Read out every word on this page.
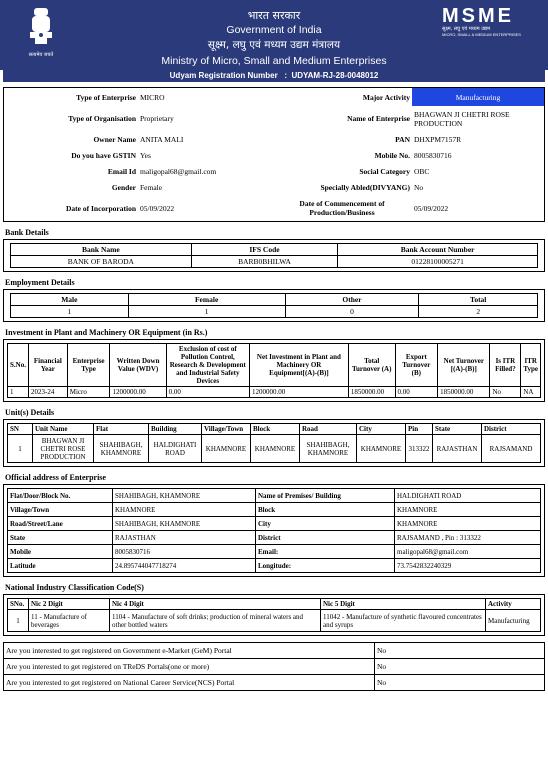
सत्यमेव जयते
भारत सरकार
Government of India
सूक्ष्म, लघु एवं मध्यम उद्यम मंत्रालय
Ministry of Micro, Small and Medium Enterprises
MSME
सूक्ष्म, लघु एवं मध्यम उद्यम
MICRO, SMALL & MEDIUM ENTERPRISES
Udyam Registration Number : UDYAM-RJ-28-0048012
Type of Enterprise	MICRO	Major Activity	Manufacturing
Type of Organisation	Proprietary	Name of Enterprise	BHAGWAN JI CHETRI ROSE PRODUCTION
Owner Name	ANITA MALI	PAN	DHXPM7157R
Do you have GSTIN	Yes	Mobile No.	8005830716
Email Id	maligopal68@gmail.com	Social Category	OBC
Gender	Female	Specially Abled(DIVYANG)	No
Date of Incorporation	05/09/2022	Date of Commencement of Production/Business	05/09/2022
Bank Details
Bank Name	IFS Code	Bank Account Number
BANK OF BARODA	BARB0BHILWA	01228100005271
Employment Details
Male	Female	Other	Total
1	1	0	2
Investment in Plant and Machinery OR Equipment (in Rs.)
S.No.	Financial Year	Enterprise Type	Written Down Value (WDV)	Exclusion of cost of Pollution Control, Research & Development and Industrial Safety Devices	Net Investment in Plant and Machinery OR Equipment[(A)-(B)]	Total Turnover (A)	Export Turnover (B)	Net Turnover [(A)-(B)]	Is ITR Filled?	ITR Type
1	2023-24	Micro	1200000.00	0.00	1200000.00	1850000.00	0.00	1850000.00	No	NA
Unit(s) Details
SN	Unit Name	Flat	Building	Village/Town	Block	Road	City	Pin	State	District
1	BHAGWAN JI CHETRI ROSE PRODUCTION	SHAHIBAGH, KHAMNORE	HALDIGHATI ROAD	KHAMNORE	KHAMNORE	SHAHIBAGH, KHAMNORE	KHAMNORE	313322	RAJASTHAN	RAJSAMAND
Official address of Enterprise
Flat/Door/Block No.	SHAHIBAGH, KHAMNORE	Name of Premises/ Building	HALDIGHATI ROAD
Village/Town	KHAMNORE	Block	KHAMNORE
Road/Street/Lane	SHAHIBAGH, KHAMNORE	City	KHAMNORE
State	RAJASTHAN	District	RAJSAMAND , Pin : 313322
Mobile	8005830716	Email:	maligopal68@gmail.com
Latitude	24.895744047718274	Longitude:	73.7542832240329
National Industry Classification Code(S)
SNo.	Nic 2 Digit	Nic 4 Digit	Nic 5 Digit	Activity
1	11 - Manufacture of beverages	1104 - Manufacture of soft drinks; production of mineral waters and other bottled waters	11042 - Manufacture of synthetic flavoured concentrates and syrups	Manufacturing
Are you interested to get registered on Government e-Market (GeM) Portal	No
Are you interested to get registered on TReDS Portals(one or more)	No
Are you interested to get registered on National Career Service(NCS) Portal	No
